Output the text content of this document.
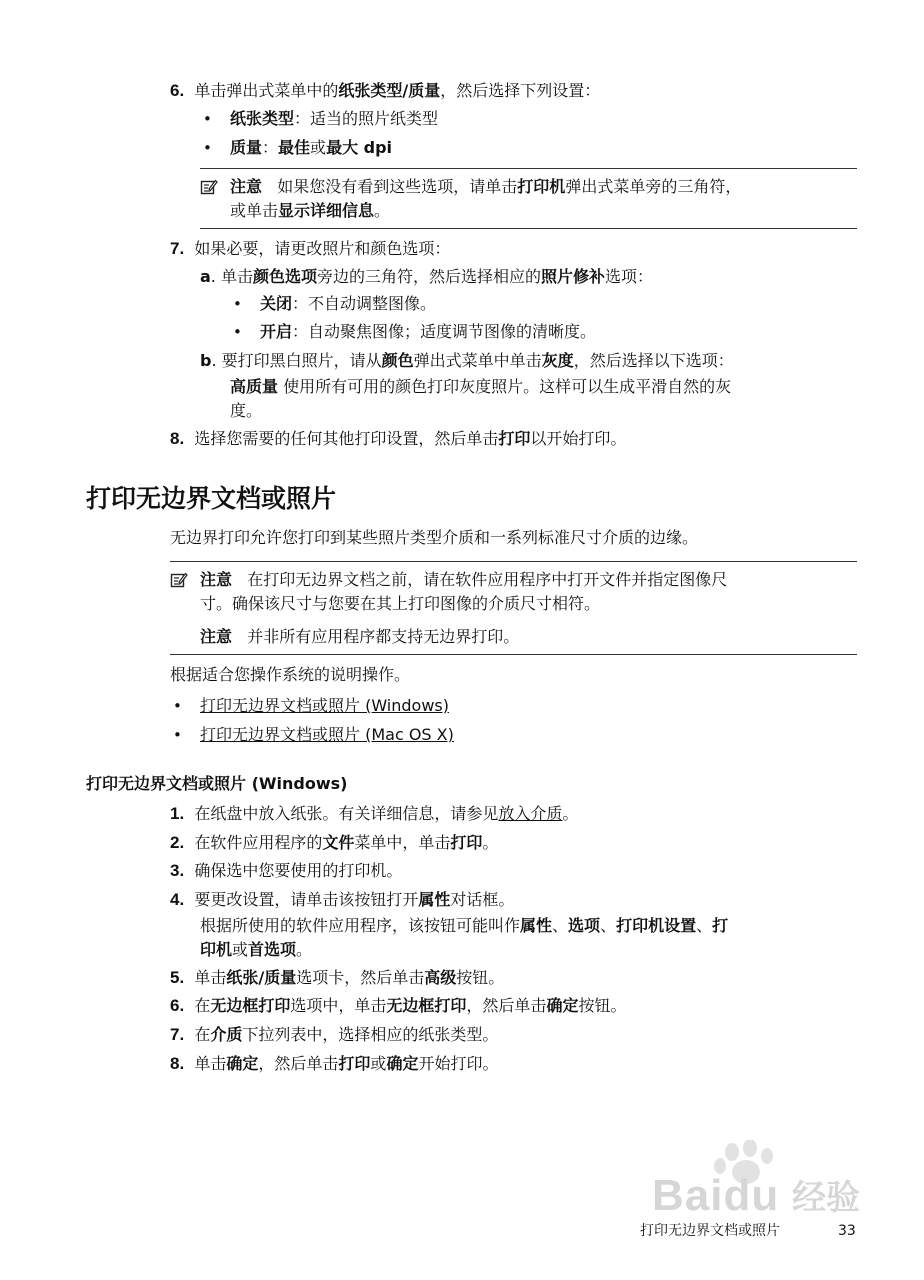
6. 单击弹出式菜单中的纸张类型/质量，然后选择下列设置：
• 纸张类型：适当的照片纸类型
• 质量：最佳或最大 dpi
注意 如果您没有看到这些选项，请单击打印机弹出式菜单旁的三角符，
或单击显示详细信息。
7. 如果必要，请更改照片和颜色选项：
a. 单击颜色选项旁边的三角符，然后选择相应的照片修补选项：
• 关闭：不自动调整图像。
• 开启：自动聚焦图像；适度调节图像的清晰度。
b. 要打印黑白照片，请从颜色弹出式菜单中单击灰度，然后选择以下选项：
高质量 使用所有可用的颜色打印灰度照片。这样可以生成平滑自然的灰
度。
8. 选择您需要的任何其他打印设置，然后单击打印以开始打印。
打印无边界文档或照片
无边界打印允许您打印到某些照片类型介质和一系列标准尺寸介质的边缘。
注意 在打印无边界文档之前，请在软件应用程序中打开文件并指定图像尺
寸。确保该尺寸与您要在其上打印图像的介质尺寸相符。
注意 并非所有应用程序都支持无边界打印。
根据适合您操作系统的说明操作。
• 打印无边界文档或照片 (Windows)
• 打印无边界文档或照片 (Mac OS X)
打印无边界文档或照片 (Windows)
1. 在纸盘中放入纸张。有关详细信息，请参见放入介质。
2. 在软件应用程序的文件菜单中，单击打印。
3. 确保选中您要使用的打印机。
4. 要更改设置，请单击该按钮打开属性对话框。
根据所使用的软件应用程序，该按钮可能叫作属性、选项、打印机设置、打
印机或首选项。
5. 单击纸张/质量选项卡，然后单击高级按钮。
6. 在无边框打印选项中，单击无边框打印，然后单击确定按钮。
7. 在介质下拉列表中，选择相应的纸张类型。
8. 单击确定，然后单击打印或确定开始打印。
Baidu 经验
打印无边界文档或照片	33
